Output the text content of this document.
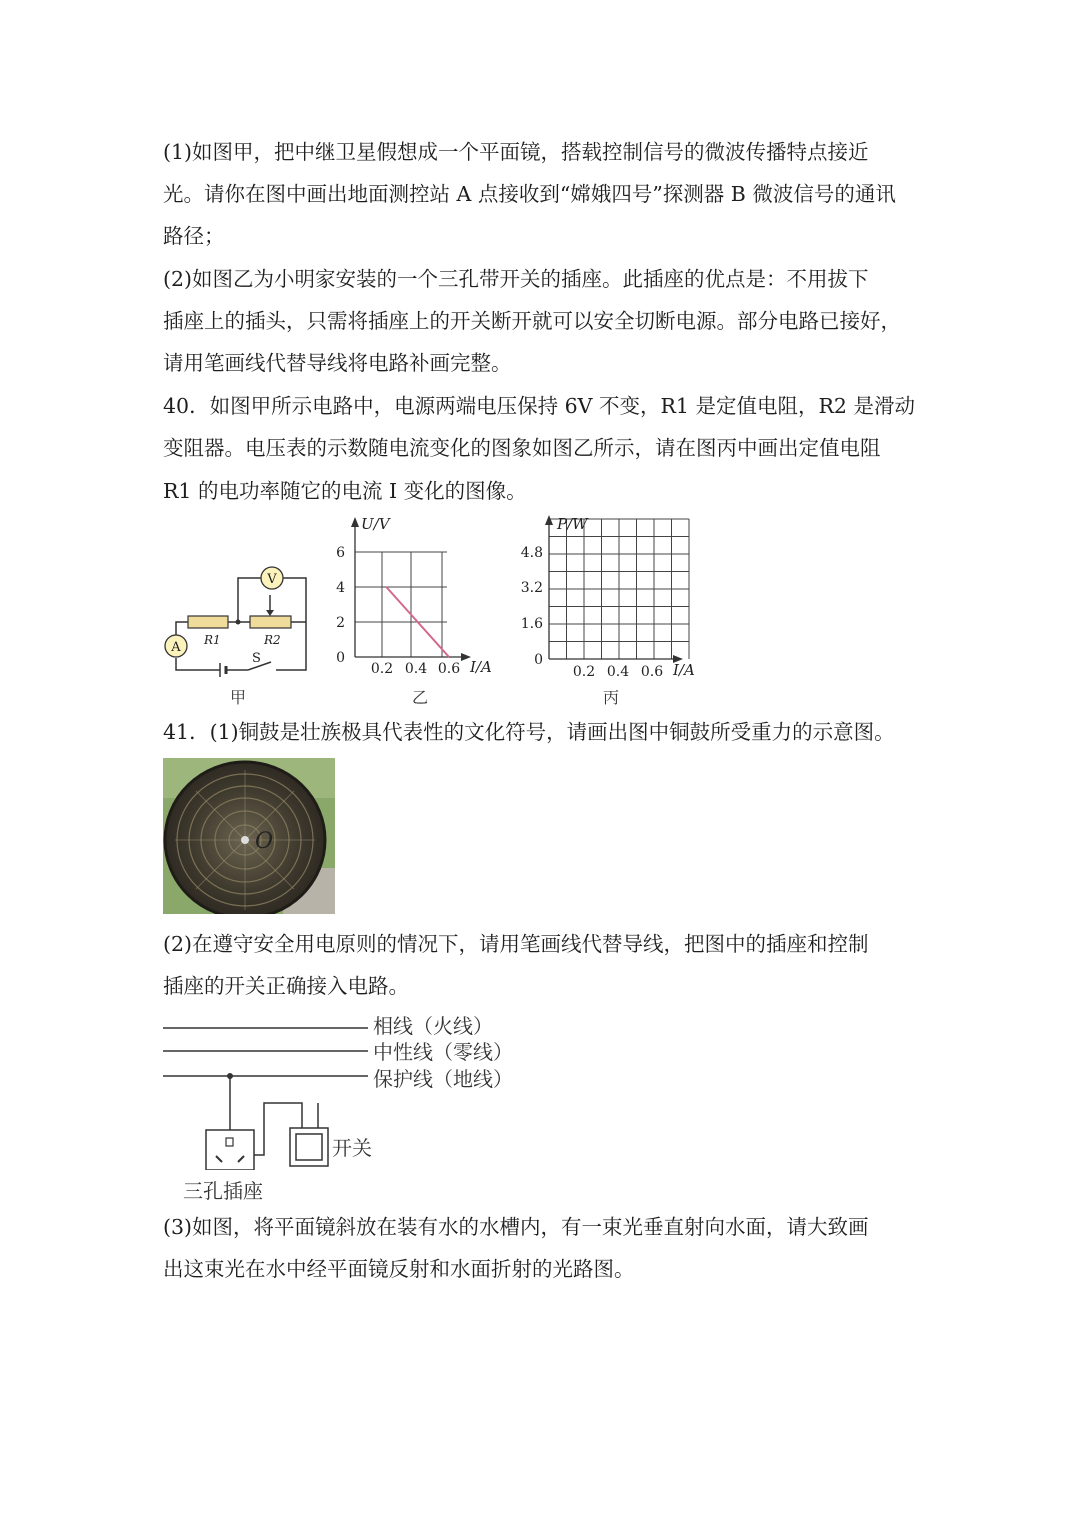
(1)如图甲，把中继卫星假想成一个平面镜，搭载控制信号的微波传播特点接近
光。请你在图中画出地面测控站 A 点接收到“嫦娥四号”探测器 B 微波信号的通讯
路径；
(2)如图乙为小明家安装的一个三孔带开关的插座。此插座的优点是：不用拔下
插座上的插头，只需将插座上的开关断开就可以安全切断电源。部分电路已接好，
请用笔画线代替导线将电路补画完整。
40．如图甲所示电路中，电源两端电压保持 6V 不变，R1 是定值电阻，R2 是滑动
变阻器。电压表的示数随电流变化的图象如图乙所示，请在图丙中画出定值电阻
R1 的电功率随它的电流 I 变化的图像。
V
A R1	R2
S
甲
U/V
I/A
6
4
2
0
0.2 0.4 0.6
乙
P/W
I/A
4.8
3.2
1.6
0
0.2 0.4 0.6
丙
41．(1)铜鼓是壮族极具代表性的文化符号，请画出图中铜鼓所受重力的示意图。
O
(2)在遵守安全用电原则的情况下，请用笔画线代替导线，把图中的插座和控制
插座的开关正确接入电路。
相线（火线）
中性线（零线）
保护线（地线）
开关
三孔插座
(3)如图，将平面镜斜放在装有水的水槽内，有一束光垂直射向水面，请大致画
出这束光在水中经平面镜反射和水面折射的光路图。
